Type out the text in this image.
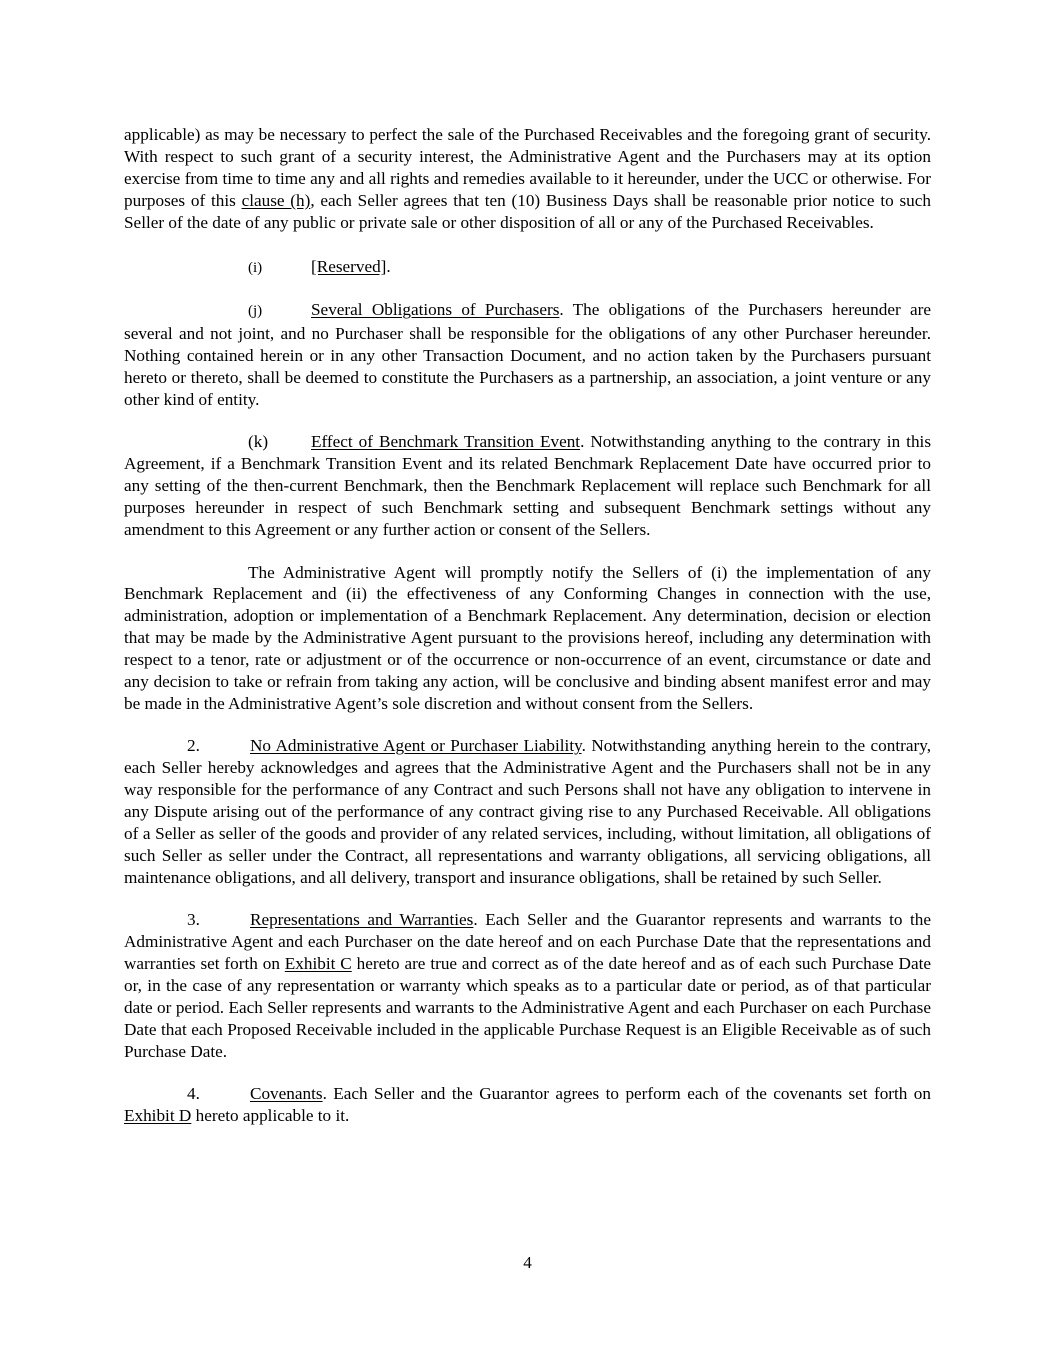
applicable) as may be necessary to perfect the sale of the Purchased Receivables and the foregoing grant of security. With respect to such grant of a security interest, the Administrative Agent and the Purchasers may at its option exercise from time to time any and all rights and remedies available to it hereunder, under the UCC or otherwise. For purposes of this clause (h), each Seller agrees that ten (10) Business Days shall be reasonable prior notice to such Seller of the date of any public or private sale or other disposition of all or any of the Purchased Receivables.

(i)	[Reserved].

(j)	Several Obligations of Purchasers. The obligations of the Purchasers hereunder are several and not joint, and no Purchaser shall be responsible for the obligations of any other Purchaser hereunder. Nothing contained herein or in any other Transaction Document, and no action taken by the Purchasers pursuant hereto or thereto, shall be deemed to constitute the Purchasers as a partnership, an association, a joint venture or any other kind of entity.

(k) Effect of Benchmark Transition Event. Notwithstanding anything to the contrary in this Agreement, if a Benchmark Transition Event and its related Benchmark Replacement Date have occurred prior to any setting of the then-current Benchmark, then the Benchmark Replacement will replace such Benchmark for all purposes hereunder in respect of such Benchmark setting and subsequent Benchmark settings without any amendment to this Agreement or any further action or consent of the Sellers.

The Administrative Agent will promptly notify the Sellers of (i) the implementation of any Benchmark Replacement and (ii) the effectiveness of any Conforming Changes in connection with the use, administration, adoption or implementation of a Benchmark Replacement. Any determination, decision or election that may be made by the Administrative Agent pursuant to the provisions hereof, including any determination with respect to a tenor, rate or adjustment or of the occurrence or non-occurrence of an event, circumstance or date and any decision to take or refrain from taking any action, will be conclusive and binding absent manifest error and may be made in the Administrative Agent’s sole discretion and without consent from the Sellers.

2.	No Administrative Agent or Purchaser Liability. Notwithstanding anything herein to the contrary, each Seller hereby acknowledges and agrees that the Administrative Agent and the Purchasers shall not be in any way responsible for the performance of any Contract and such Persons shall not have any obligation to intervene in any Dispute arising out of the performance of any contract giving rise to any Purchased Receivable. All obligations of a Seller as seller of the goods and provider of any related services, including, without limitation, all obligations of such Seller as seller under the Contract, all representations and warranty obligations, all servicing obligations, all maintenance obligations, and all delivery, transport and insurance obligations, shall be retained by such Seller.

3.	Representations and Warranties. Each Seller and the Guarantor represents and warrants to the Administrative Agent and each Purchaser on the date hereof and on each Purchase Date that the representations and warranties set forth on Exhibit C hereto are true and correct as of the date hereof and as of each such Purchase Date or, in the case of any representation or warranty which speaks as to a particular date or period, as of that particular date or period. Each Seller represents and warrants to the Administrative Agent and each Purchaser on each Purchase Date that each Proposed Receivable included in the applicable Purchase Request is an Eligible Receivable as of such Purchase Date.

4.	Covenants. Each Seller and the Guarantor agrees to perform each of the covenants set forth on Exhibit D hereto applicable to it.

4
